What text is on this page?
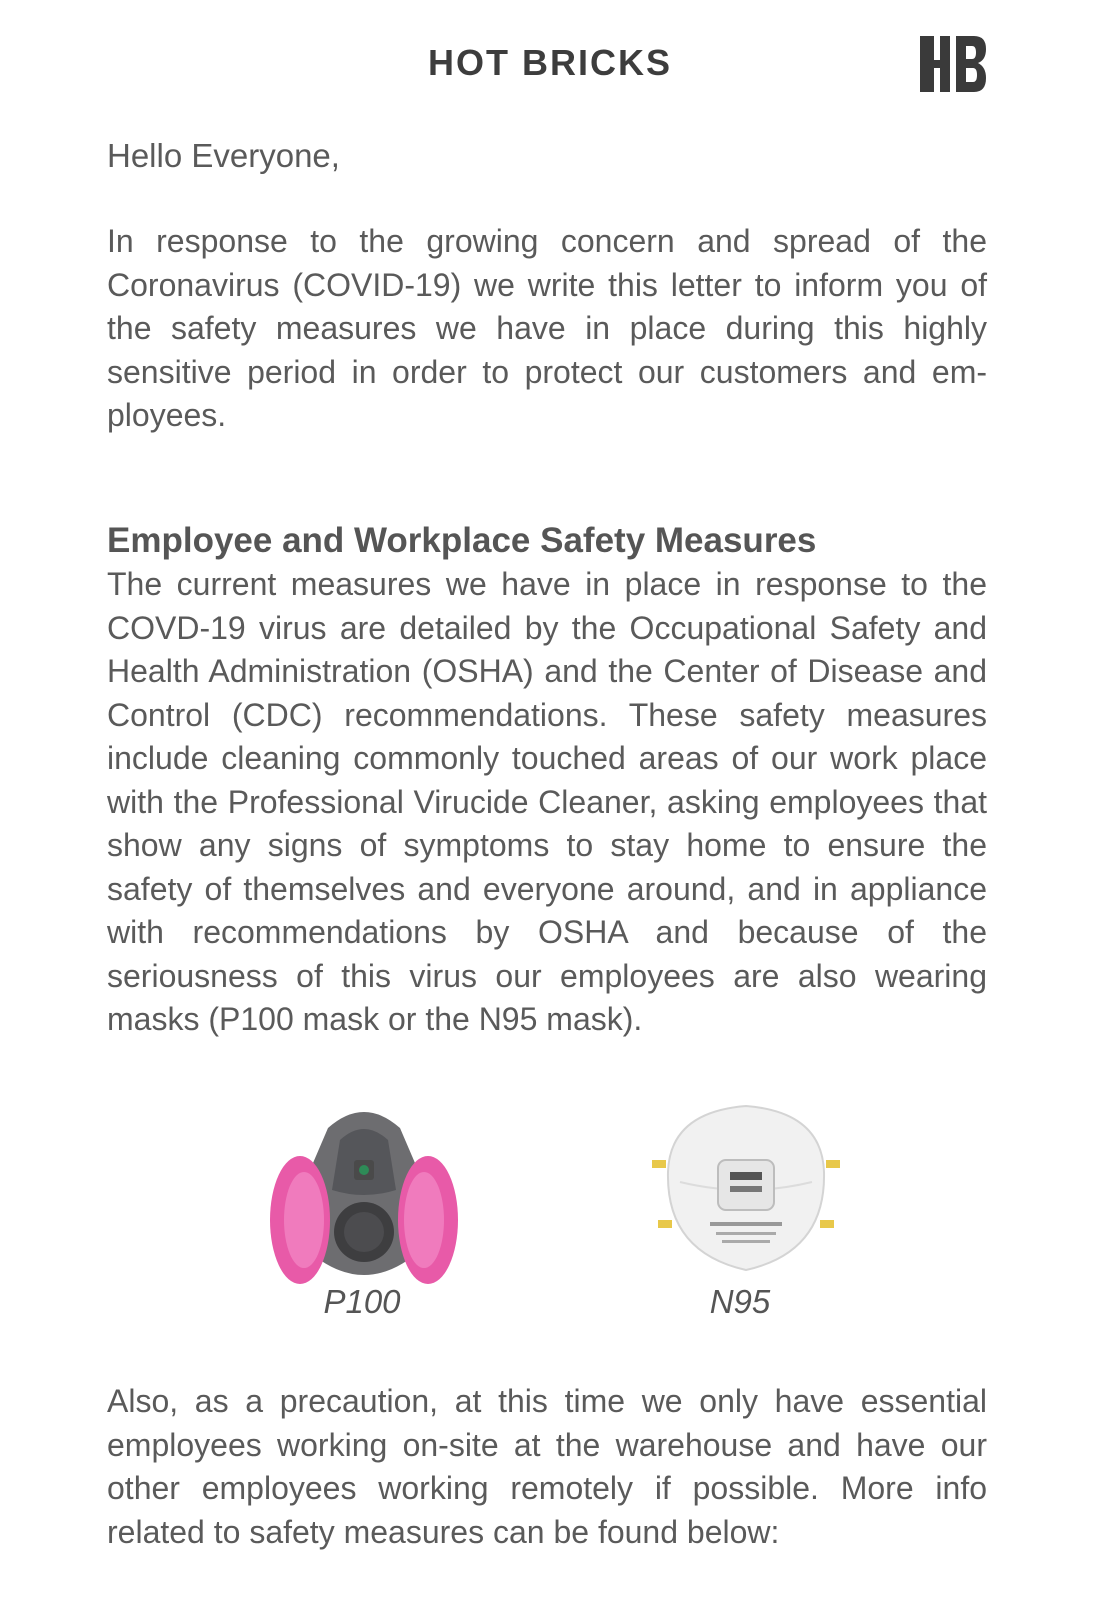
HOT BRICKS
Hello Everyone,

In response to the growing concern and spread of the Coronavirus (COVID-19) we write this letter to inform you of the safety measures we have in place during this highly sensitive period in order to protect our customers and employees.

Employee and Workplace Safety Measures

The current measures we have in place in response to the COVD-19 virus are detailed by the Occupational Safety and Health Administration (OSHA) and the Center of Disease and Control (CDC) recommendations. These safety measures include cleaning commonly touched areas of our work place with the Professional Virucide Cleaner, asking employees that show any signs of symptoms to stay home to ensure the safety of themselves and everyone around, and in appliance with recommendations by OSHA and because of the seriousness of this virus our employees are also wearing masks (P100 mask or the N95 mask).

P100	N95

Also, as a precaution, at this time we only have essential employees working on-site at the warehouse and have our other employees working remotely if possible. More info related to safety measures can be found below:
